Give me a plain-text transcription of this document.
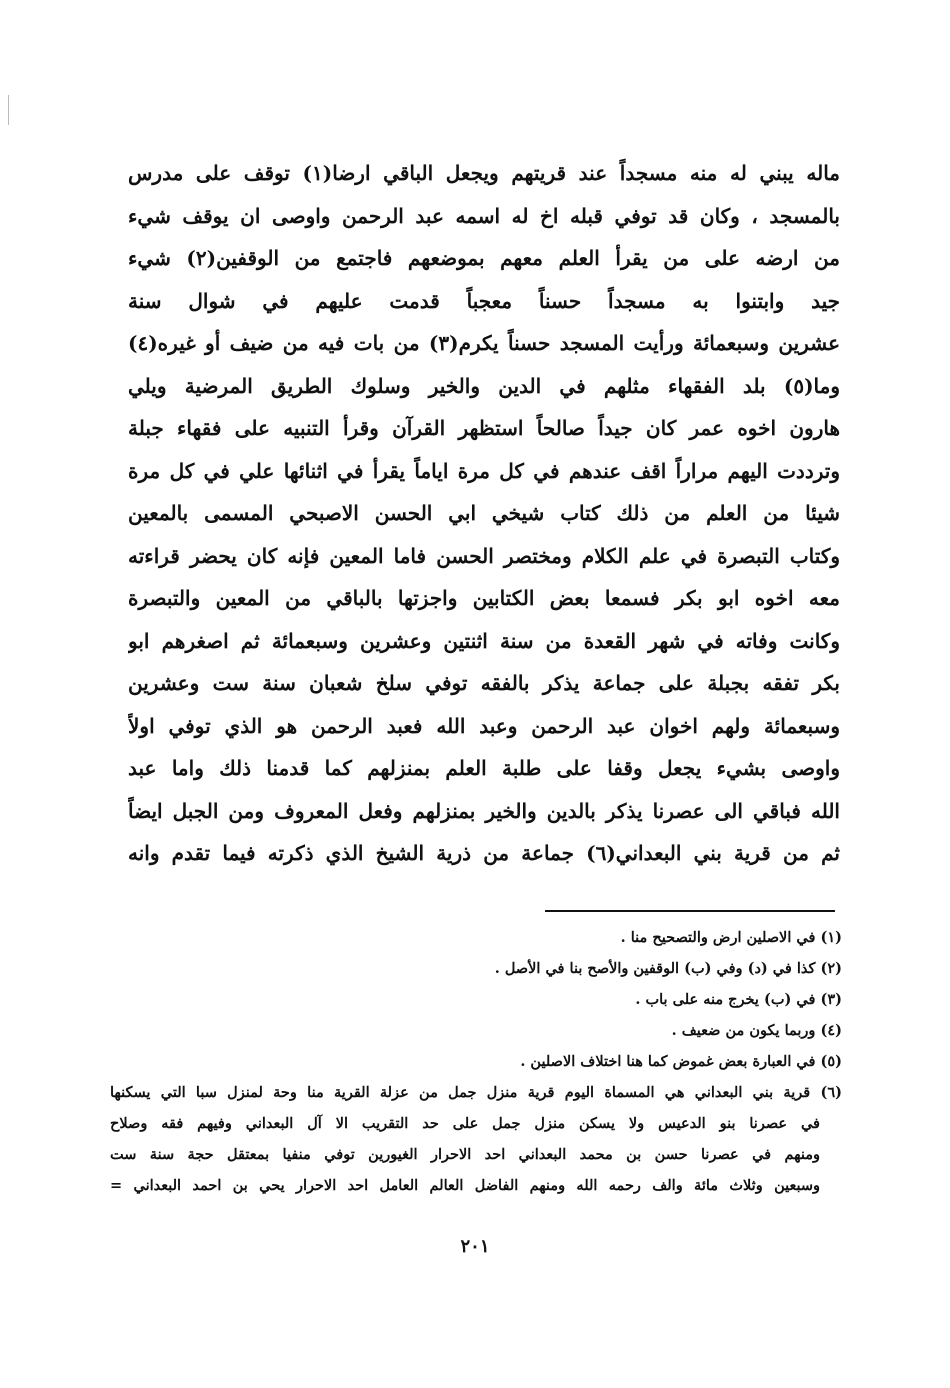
ماله يبني له منه مسجداً عند قريتهم ويجعل الباقي ارضا(١) توقف على مدرس
بالمسجد ، وكان قد توفي قبله اخ له اسمه عبد الرحمن واوصى ان يوقف شيء
من ارضه على من يقرأ العلم معهم بموضعهم فاجتمع من الوقفين(٢) شيء
جيد وابتنوا به مسجداً حسناً معجباً قدمت عليهم في شوال سنة
عشرين وسبعمائة ورأيت المسجد حسناً يكرم(٣) من بات فيه من ضيف أو غيره(٤)
وما(٥) بلد الفقهاء مثلهم في الدين والخير وسلوك الطريق المرضية ويلي
هارون اخوه عمر كان جيداً صالحاً استظهر القرآن وقرأ التنبيه على فقهاء جبلة
وترددت اليهم مراراً اقف عندهم في كل مرة اياماً يقرأ في اثنائها علي في كل مرة
شيئا من العلم من ذلك كتاب شيخي ابي الحسن الاصبحي المسمى بالمعين
وكتاب التبصرة في علم الكلام ومختصر الحسن فاما المعين فإنه كان يحضر قراءته
معه اخوه ابو بكر فسمعا بعض الكتابين واجزتها بالباقي من المعين والتبصرة
وكانت وفاته في شهر القعدة من سنة اثنتين وعشرين وسبعمائة ثم اصغرهم ابو
بكر تفقه بجبلة على جماعة يذكر بالفقه توفي سلخ شعبان سنة ست وعشرين
وسبعمائة ولهم اخوان عبد الرحمن وعبد الله فعبد الرحمن هو الذي توفي اولاً
واوصى بشيء يجعل وقفا على طلبة العلم بمنزلهم كما قدمنا ذلك واما عبد
الله فباقي الى عصرنا يذكر بالدين والخير بمنزلهم وفعل المعروف ومن الجبل ايضاً
ثم من قرية بني البعداني(٦) جماعة من ذرية الشيخ الذي ذكرته فيما تقدم وانه
(١) في الاصلين ارض والتصحيح منا .
(٢) كذا في (د) وفي (ب) الوقفين والأصح بنا في الأصل .
(٣) في (ب) يخرج منه على باب .
(٤) وربما يكون من ضعيف .
(٥) في العبارة بعض غموض كما هنا اختلاف الاصلين .
(٦) قرية بني البعداني هي المسماة اليوم قرية منزل جمل من عزلة القرية منا وحة لمنزل سبا التي يسكنها
في عصرنا بنو الدعيس ولا يسكن منزل جمل على حد التقريب الا آل البعداني وفيهم فقه وصلاح
ومنهم في عصرنا حسن بن محمد البعداني احد الاحرار الغيورين توفي منفيا بمعتقل حجة سنة ست
وسبعين وثلاث مائة والف رحمه الله ومنهم الفاضل العالم العامل احد الاحرار يحي بن احمد البعداني =
٢٠١
